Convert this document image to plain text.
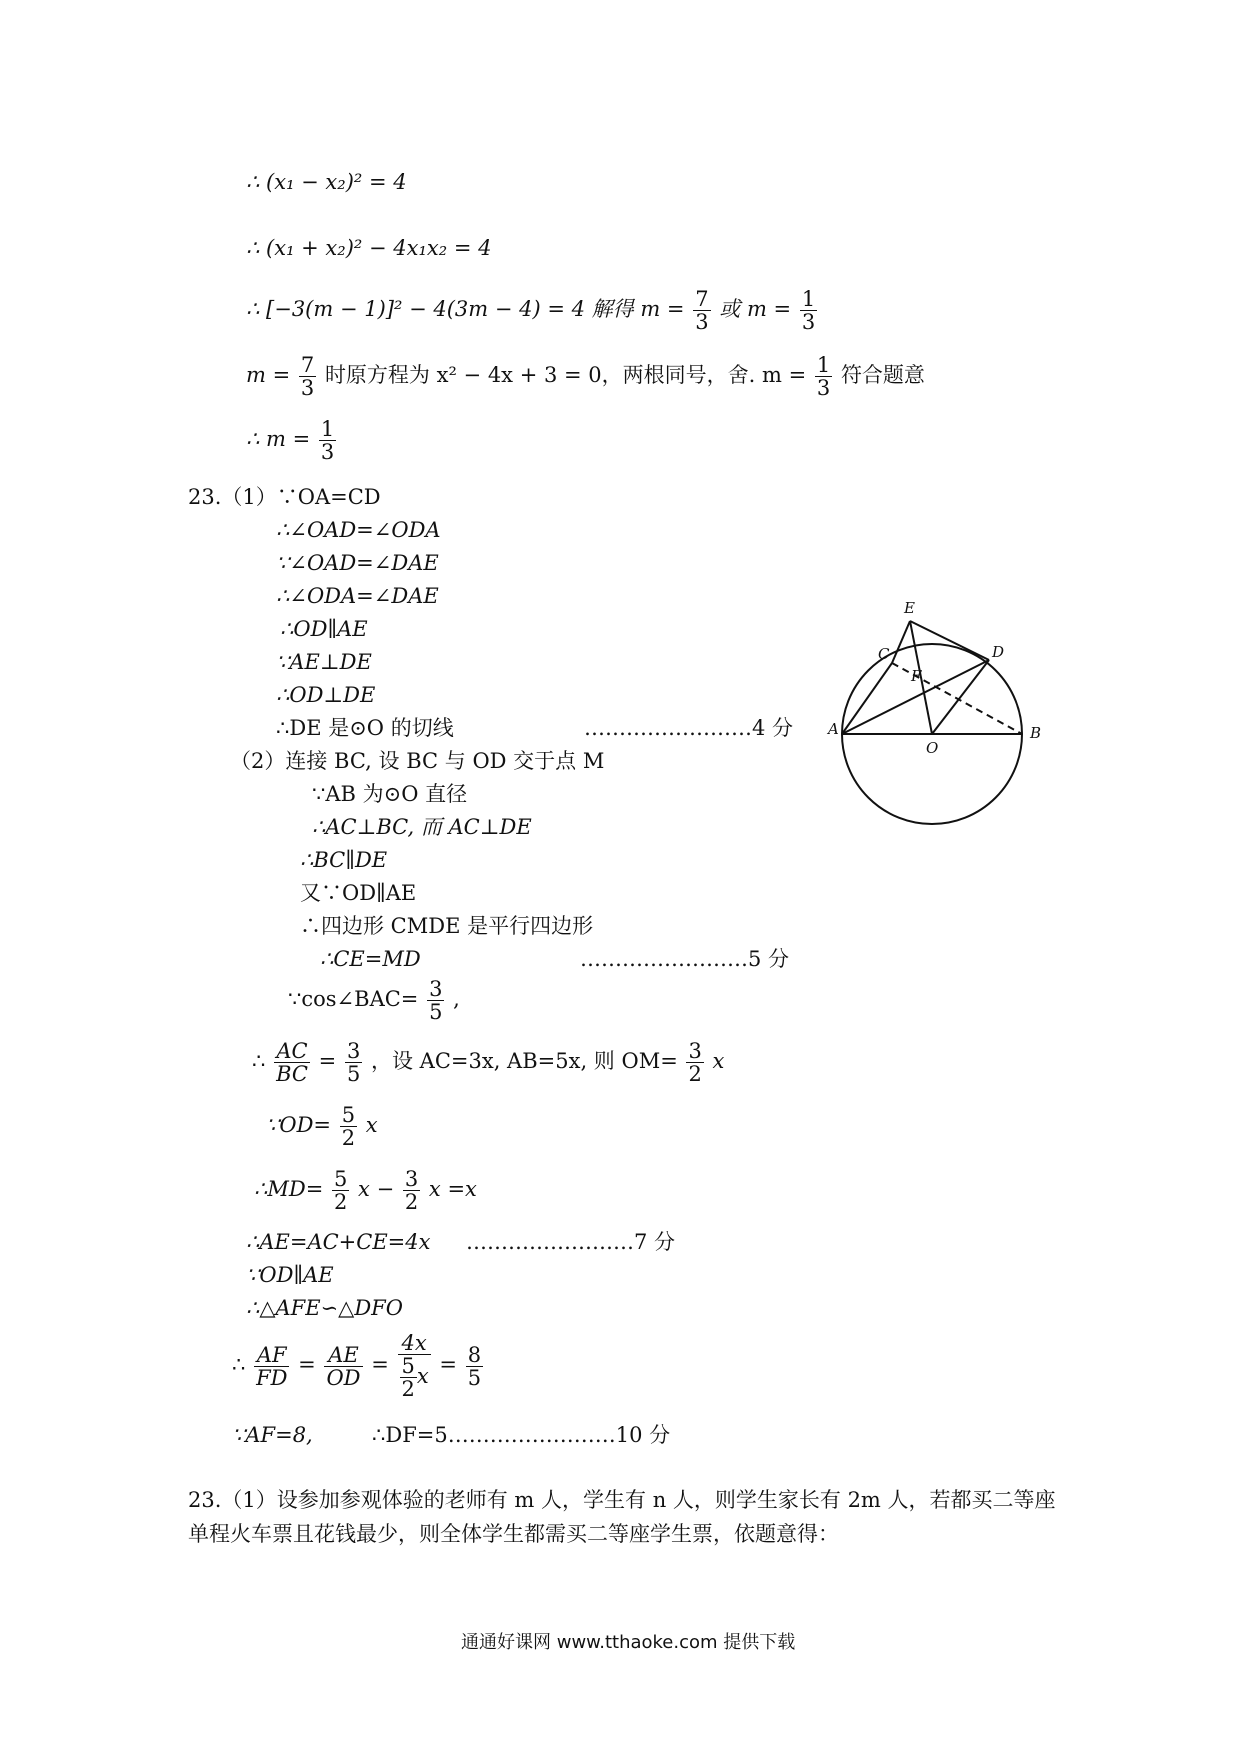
∴ (x₁ − x₂)² = 4
∴ (x₁ + x₂)² − 4x₁x₂ = 4
∴ [−3(m − 1)]² − 4(3m − 4) = 4 解得 $m = \frac{7}{3}$ 或 $m = \frac{1}{3}$
$m = \frac{7}{3}$ 时原方程为 x² − 4x + 3 = 0，两根同号，舍. $m = \frac{1}{3}$ 符合题意
∴ $m = \frac{1}{3}$
23.（1）∵OA=CD
∴∠OAD=∠ODA
∵∠OAD=∠DAE
∴∠ODA=∠DAE
∴OD∥AE
∵AE⊥DE
∴OD⊥DE
∴DE 是⊙O 的切线	……………………4 分
（2）连接 BC, 设 BC 与 OD 交于点 M
∵AB 为⊙O 直径
∴AC⊥BC, 而 AC⊥DE
∴BC∥DE
又∵OD∥AE
∴四边形 CMDE 是平行四边形
∴CE=MD	……………………5 分
∵cos∠BAC= $\frac{3}{5}$ ,
∴ $\frac{AC}{BC} = \frac{3}{5}$ ，设 AC=3x, AB=5x, 则 $OM= \frac{3}{2}$ x
∵OD= $\frac{5}{2}$ x
∴MD= $\frac{5}{2}$ $x - \frac{3}{2}$ x =x
∴AE=AC+CE=4x ……………………7 分
∵OD∥AE
∴△AFE∽△DFO
∴ $\frac{AF}{FD} = \frac{AE}{OD} = \frac{4x}{\frac{5}{2} x} = \frac{8}{5}$
∵AF=8,	∴DF=5……………………10 分
23.（1）设参加参观体验的老师有 m 人，学生有 n 人，则学生家长有 2m 人，若都买二等座
单程火车票且花钱最少，则全体学生都需买二等座学生票，依题意得：
通通好课网 www.tthaoke.com 提供下载
E
D
C
F
A
O
B
